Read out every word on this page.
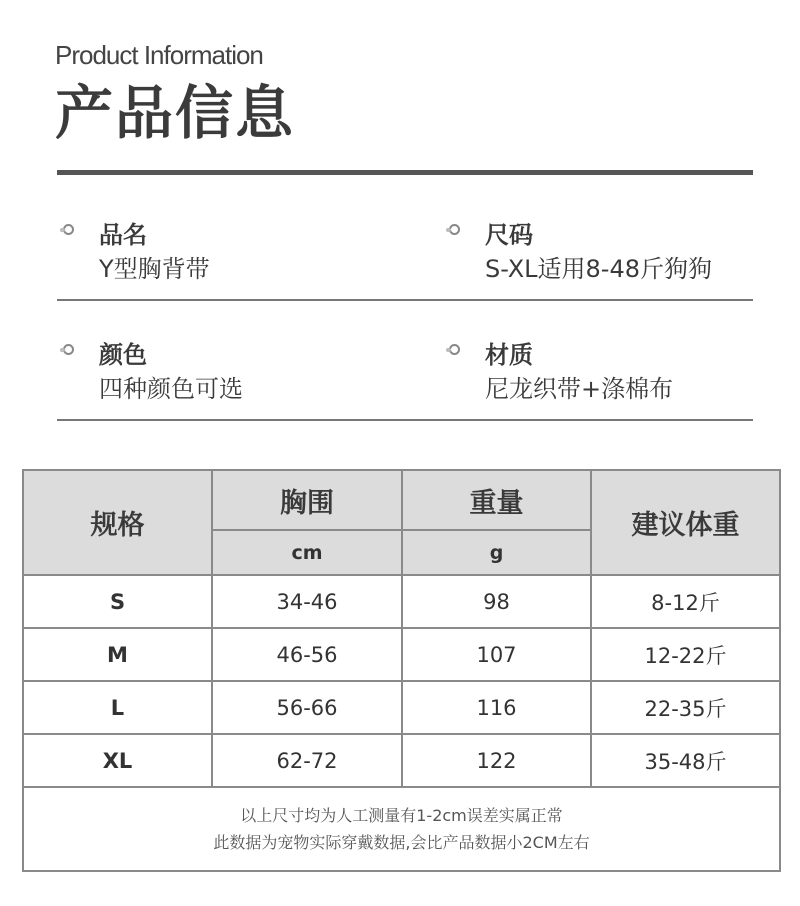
Product Information
产品信息
品名
Y型胸背带
尺码
S-XL适用8-48斤狗狗
颜色
四种颜色可选
材质
尼龙织带+涤棉布
规格	胸围	重量	建议体重
	cm	g	
S	34-46	98	8-12斤
M	46-56	107	12-22斤
L	56-66	116	22-35斤
XL	62-72	122	35-48斤

以上尺寸均为人工测量有1-2cm误差实属正常
此数据为宠物实际穿戴数据,会比产品数据小2CM左右			
